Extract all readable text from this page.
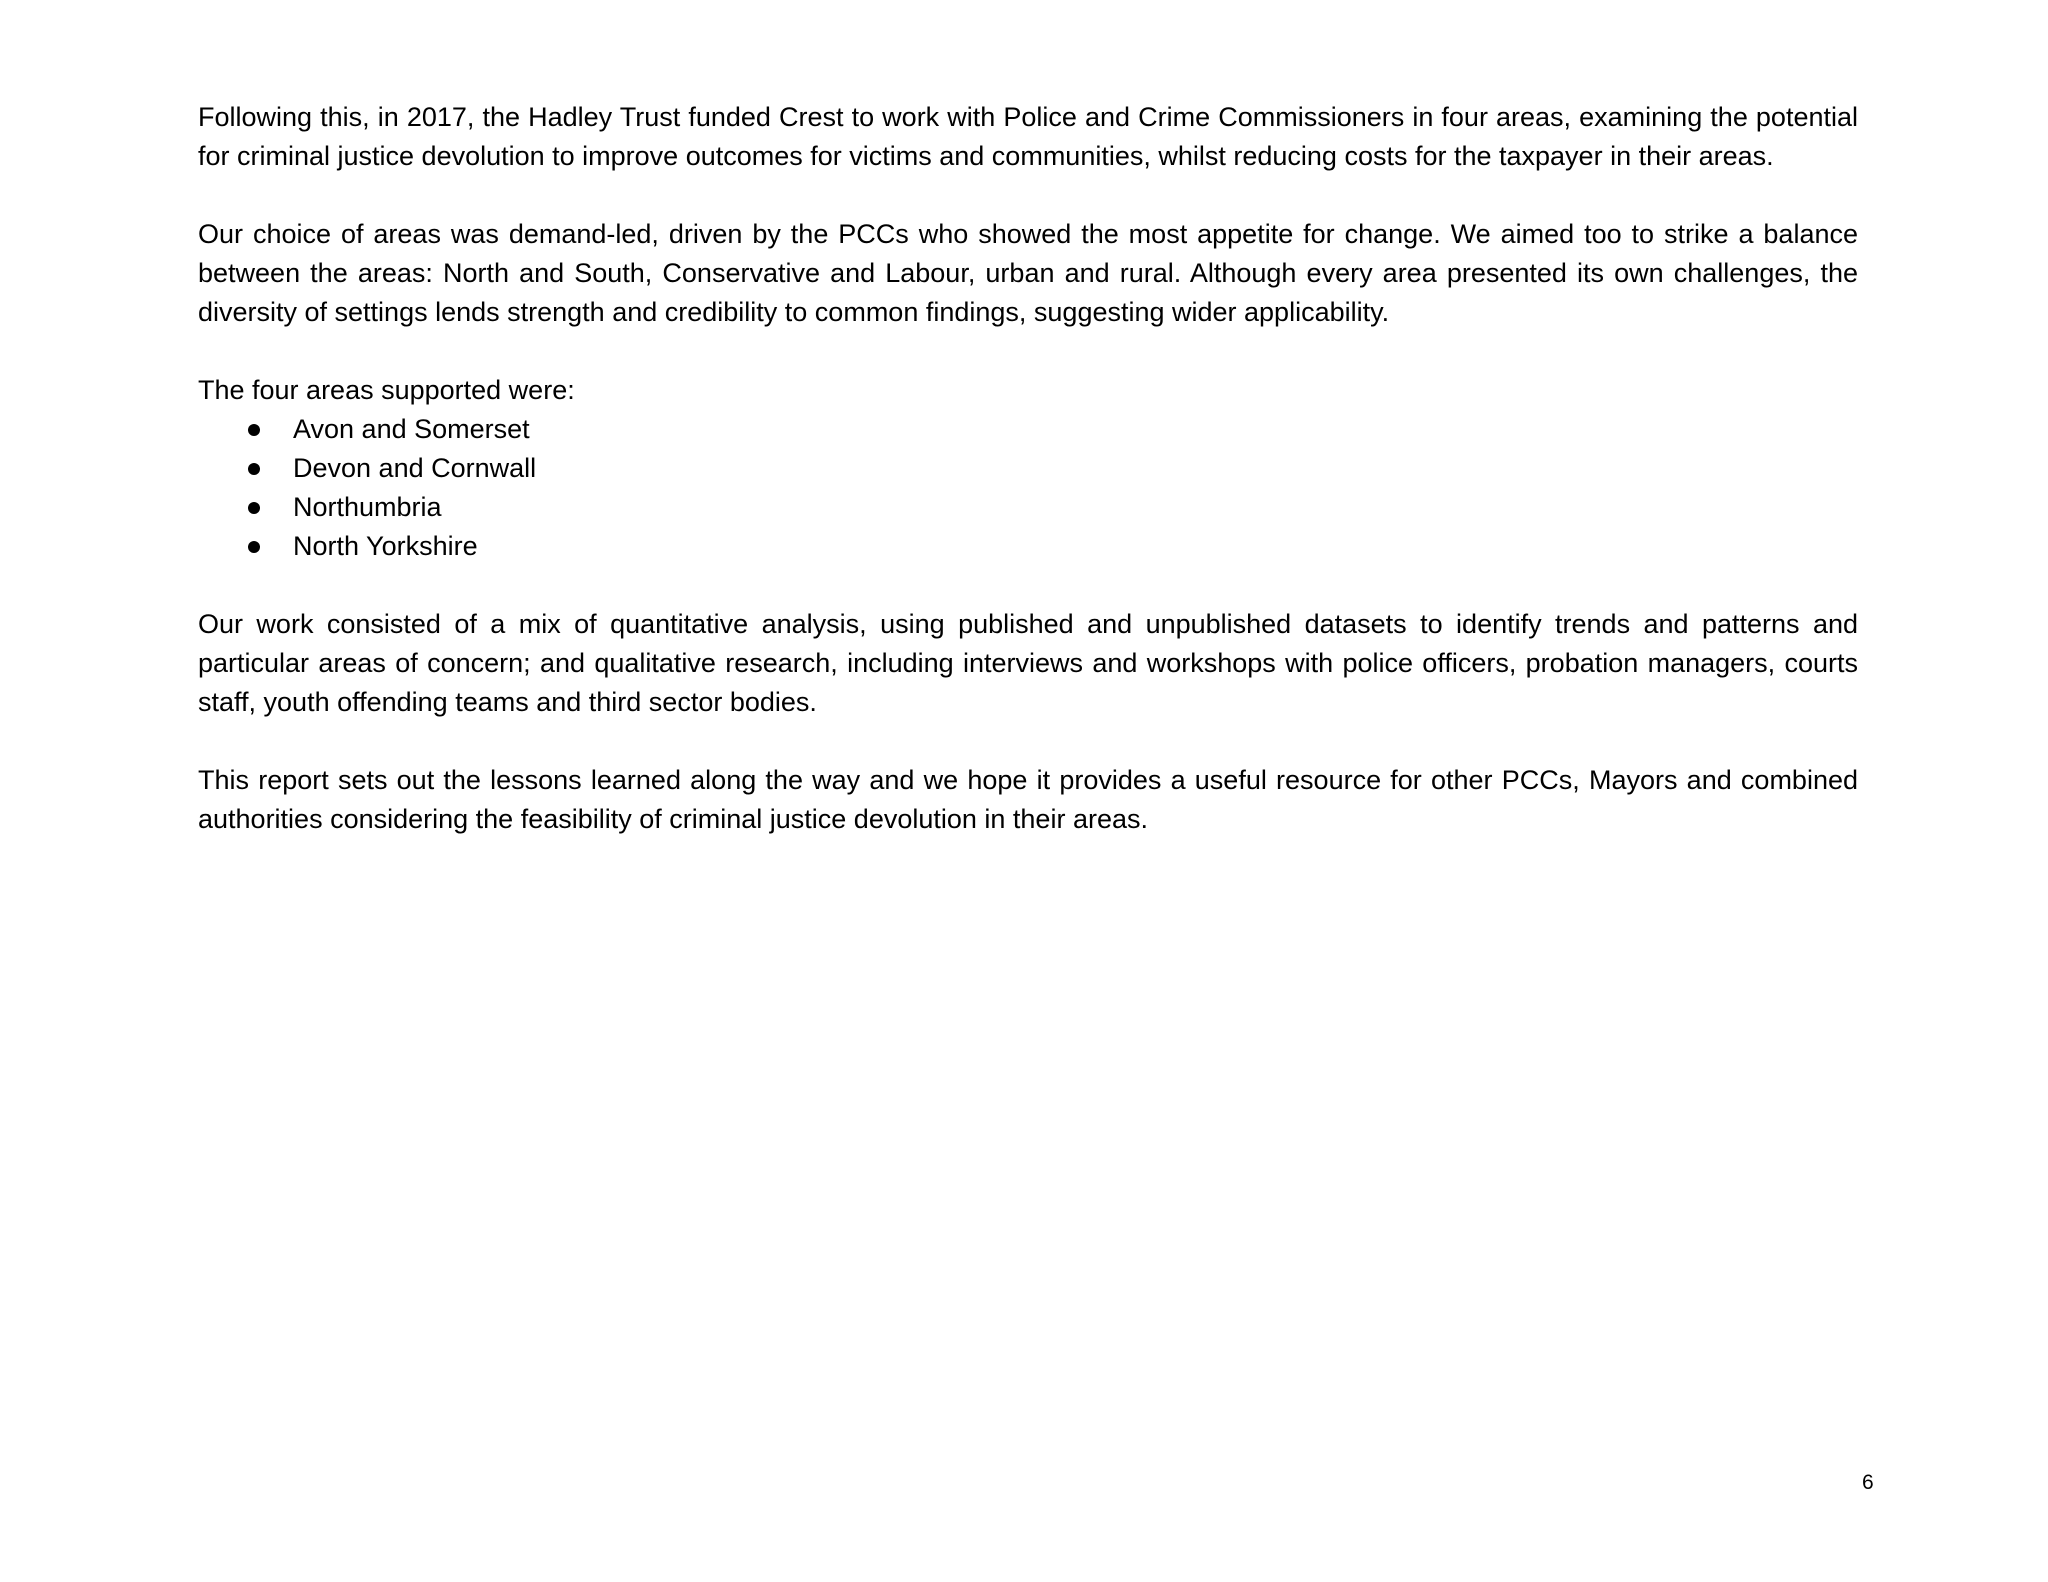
Following this, in 2017, the Hadley Trust funded Crest to work with Police and Crime Commissioners in four areas, examining the potential for criminal justice devolution to improve outcomes for victims and communities, whilst reducing costs for the taxpayer in their areas.

Our choice of areas was demand-led, driven by the PCCs who showed the most appetite for change. We aimed too to strike a balance between the areas: North and South, Conservative and Labour, urban and rural. Although every area presented its own challenges, the diversity of settings lends strength and credibility to common findings, suggesting wider applicability.

The four areas supported were:

Avon and Somerset
Devon and Cornwall
Northumbria
North Yorkshire

Our work consisted of a mix of quantitative analysis, using published and unpublished datasets to identify trends and patterns and particular areas of concern; and qualitative research, including interviews and workshops with police officers, probation managers, courts staff, youth offending teams and third sector bodies.

This report sets out the lessons learned along the way and we hope it provides a useful resource for other PCCs, Mayors and combined authorities considering the feasibility of criminal justice devolution in their areas.

6
